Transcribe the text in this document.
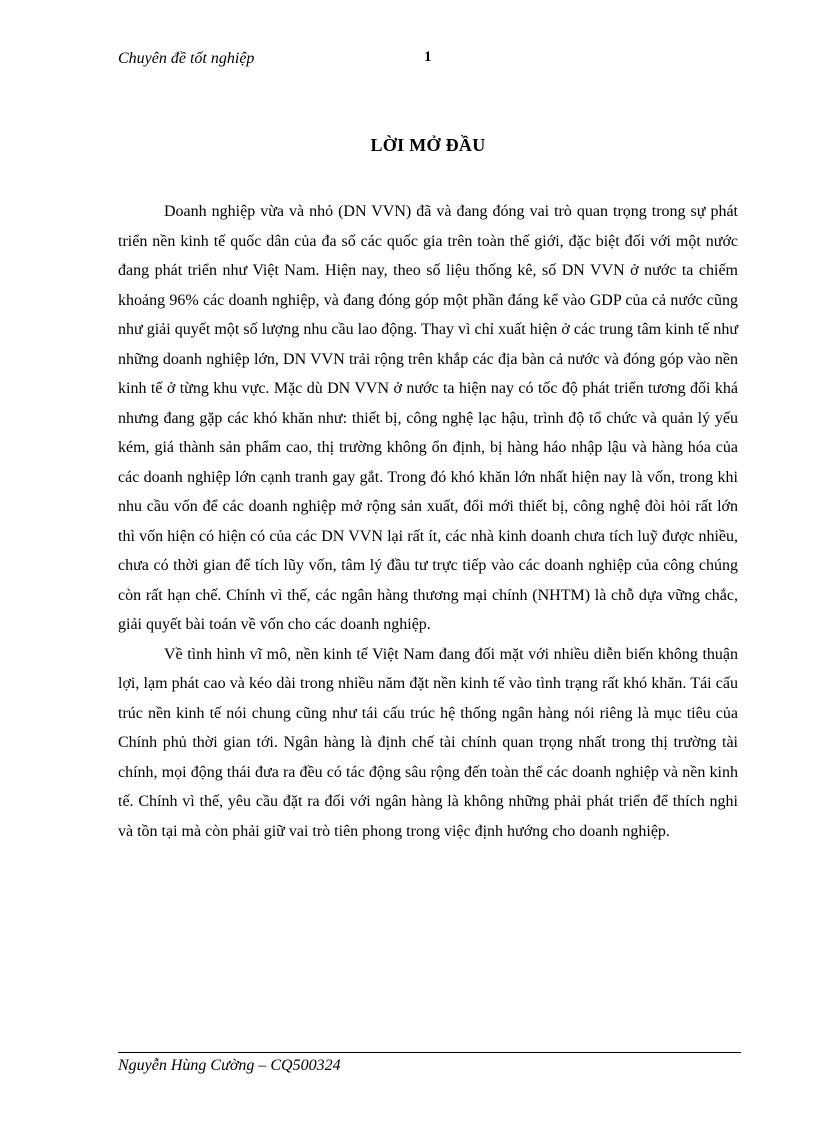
Chuyên đề tốt nghiệp	1
LỜI MỞ ĐẦU

Doanh nghiệp vừa và nhỏ (DN VVN) đã và đang đóng vai trò quan trọng trong sự phát triển nền kinh tế quốc dân của đa số các quốc gia trên toàn thế giới, đặc biệt đối với một nước đang phát triển như Việt Nam. Hiện nay, theo số liệu thống kê, số DN VVN ở nước ta chiếm khoảng 96% các doanh nghiệp, và đang đóng góp một phần đáng kể vào GDP của cả nước cũng như giải quyết một số lượng nhu cầu lao động. Thay vì chỉ xuất hiện ở các trung tâm kinh tế như những doanh nghiệp lớn, DN VVN trải rộng trên khắp các địa bàn cả nước và đóng góp vào nền kinh tế ở từng khu vực. Mặc dù DN VVN ở nước ta hiện nay có tốc độ phát triển tương đối khá nhưng đang gặp các khó khăn như: thiết bị, công nghệ lạc hậu, trình độ tổ chức và quản lý yếu kém, giá thành sản phẩm cao, thị trường không ổn định, bị hàng háo nhập lậu và hàng hóa của các doanh nghiệp lớn cạnh tranh gay gắt. Trong đó khó khăn lớn nhất hiện nay là vốn, trong khi nhu cầu vốn để các doanh nghiệp mở rộng sản xuất, đổi mới thiết bị, công nghệ đòi hỏi rất lớn thì vốn hiện có hiện có của các DN VVN lại rất ít, các nhà kinh doanh chưa tích luỹ được nhiều, chưa có thời gian để tích lũy vốn, tâm lý đầu tư trực tiếp vào các doanh nghiệp của công chúng còn rất hạn chế. Chính vì thế, các ngân hàng thương mại chính (NHTM) là chỗ dựa vững chắc, giải quyết bài toán về vốn cho các doanh nghiệp.

Về tình hình vĩ mô, nền kinh tế Việt Nam đang đối mặt với nhiều diễn biến không thuận lợi, lạm phát cao và kéo dài trong nhiều năm đặt nền kinh tế vào tình trạng rất khó khăn. Tái cấu trúc nền kinh tế nói chung cũng như tái cấu trúc hệ thống ngân hàng nói riêng là mục tiêu của Chính phủ thời gian tới. Ngân hàng là định chế tài chính quan trọng nhất trong thị trường tài chính, mọi động thái đưa ra đều có tác động sâu rộng đến toàn thể các doanh nghiệp và nền kinh tế. Chính vì thế, yêu cầu đặt ra đối với ngân hàng là không những phải phát triển để thích nghi và tồn tại mà còn phải giữ vai trò tiên phong trong việc định hướng cho doanh nghiệp.

Nguyễn Hùng Cường – CQ500324
